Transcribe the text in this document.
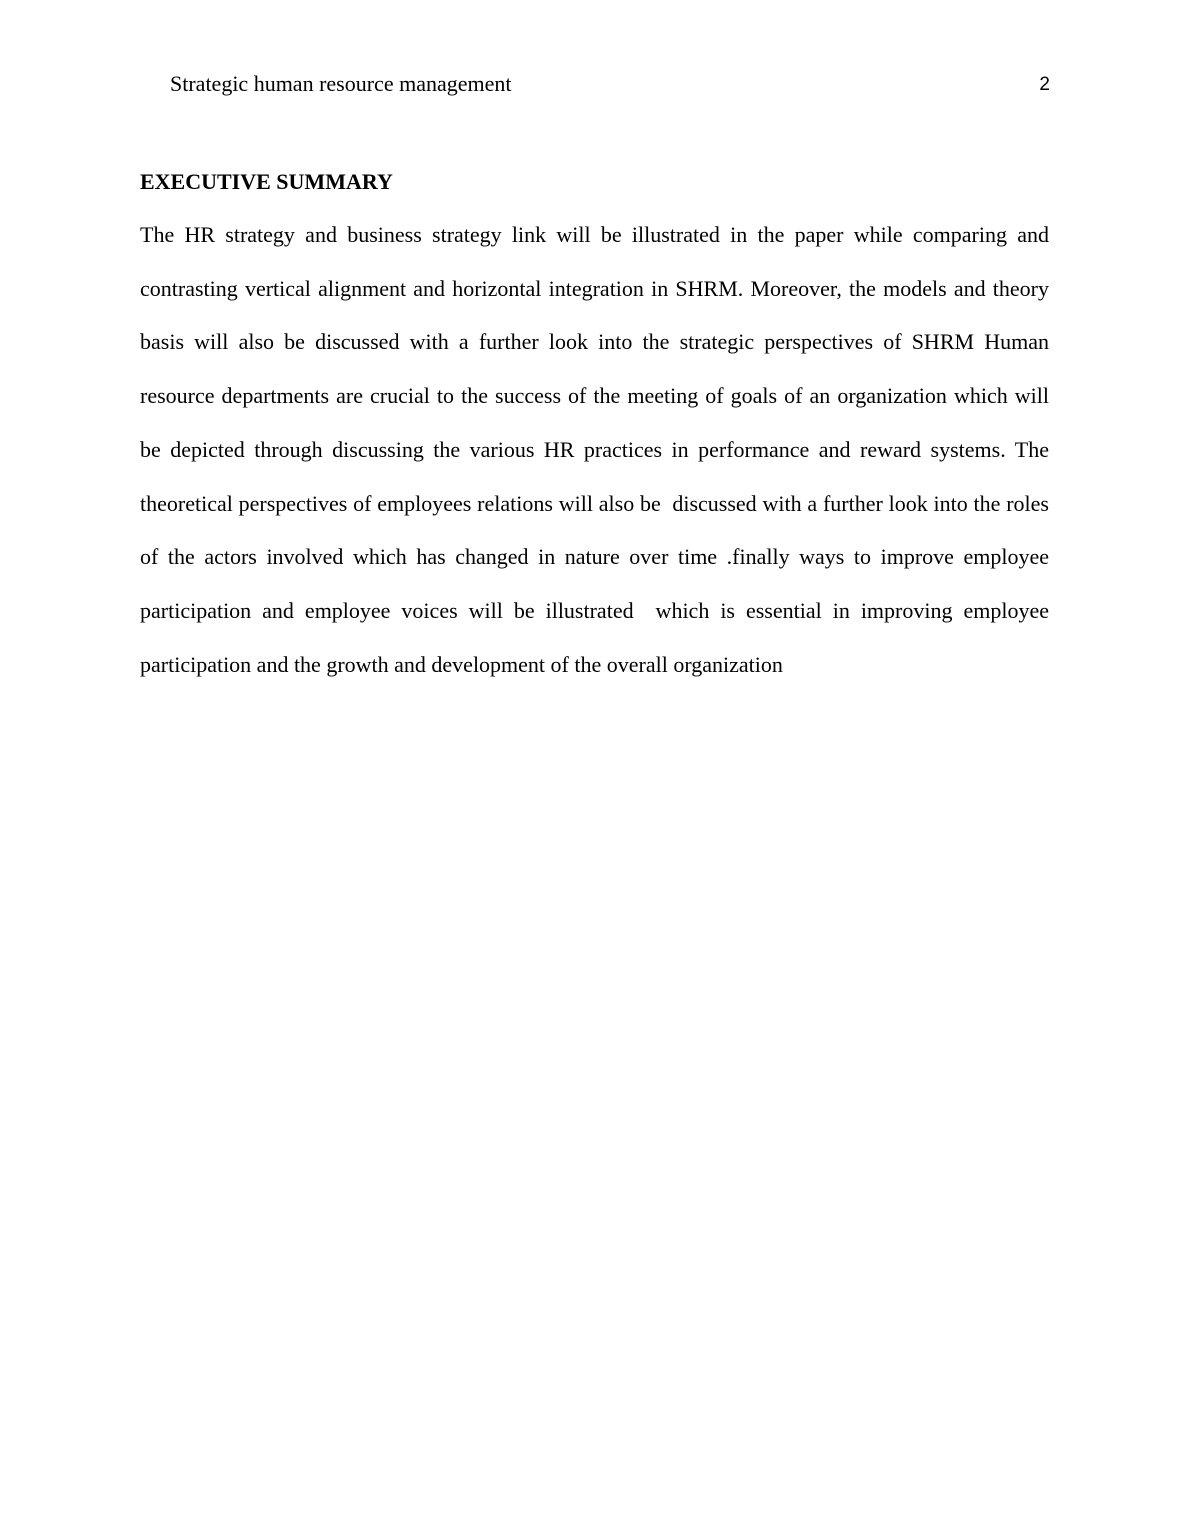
Strategic human resource management	2
EXECUTIVE SUMMARY

The HR strategy and business strategy link will be illustrated in the paper while comparing and contrasting vertical alignment and horizontal integration in SHRM. Moreover, the models and theory basis will also be discussed with a further look into the strategic perspectives of SHRM Human resource departments are crucial to the success of the meeting of goals of an organization which will be depicted through discussing the various HR practices in performance and reward systems. The theoretical perspectives of employees relations will also be  discussed with a further look into the roles of the actors involved which has changed in nature over time .finally ways to improve employee participation and employee voices will be illustrated  which is essential in improving employee participation and the growth and development of the overall organization
